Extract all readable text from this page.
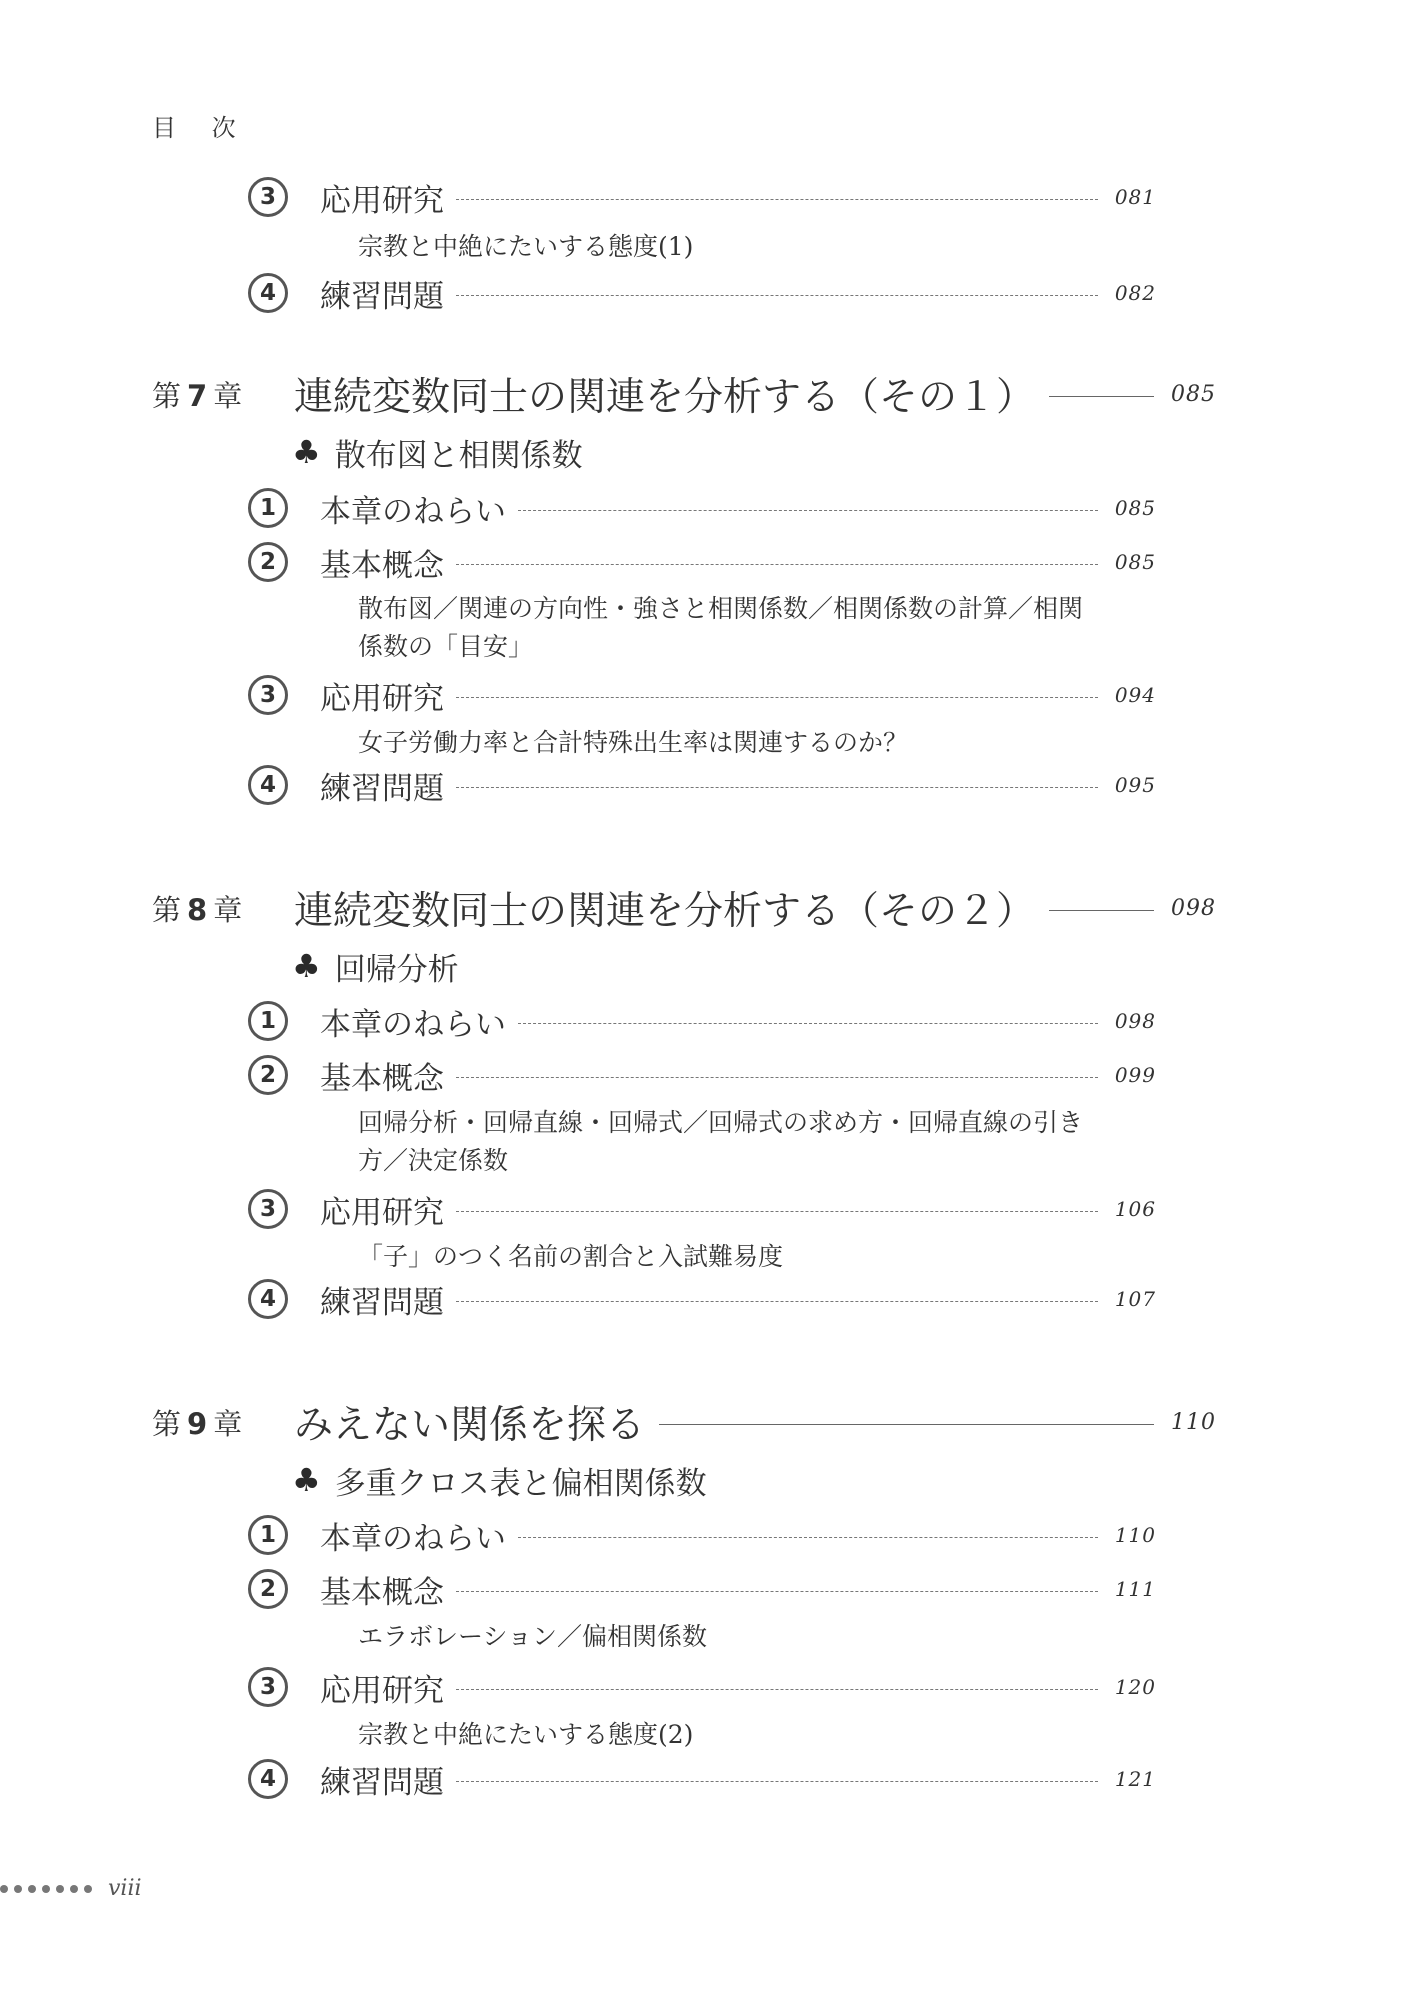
目 次
3	応用研究	081
宗教と中絶にたいする態度(1)
4	練習問題	082
第 7 章	連続変数同士の関連を分析する（その１）	085
♣ 散布図と相関係数
1	本章のねらい	085
2	基本概念	085
散布図／関連の方向性・強さと相関係数／相関係数の計算／相関
係数の「目安」
3	応用研究	094
女子労働力率と合計特殊出生率は関連するのか？
4	練習問題	095
第 8 章	連続変数同士の関連を分析する（その２）	098
♣ 回帰分析
1	本章のねらい	098
2	基本概念	099
回帰分析・回帰直線・回帰式／回帰式の求め方・回帰直線の引き
方／決定係数
3	応用研究	106
「子」のつく名前の割合と入試難易度
4	練習問題	107
第 9 章	みえない関係を探る	110
♣ 多重クロス表と偏相関係数
1	本章のねらい	110
2	基本概念	111
エラボレーション／偏相関係数
3	応用研究	120
宗教と中絶にたいする態度(2)
4	練習問題	121
viii
